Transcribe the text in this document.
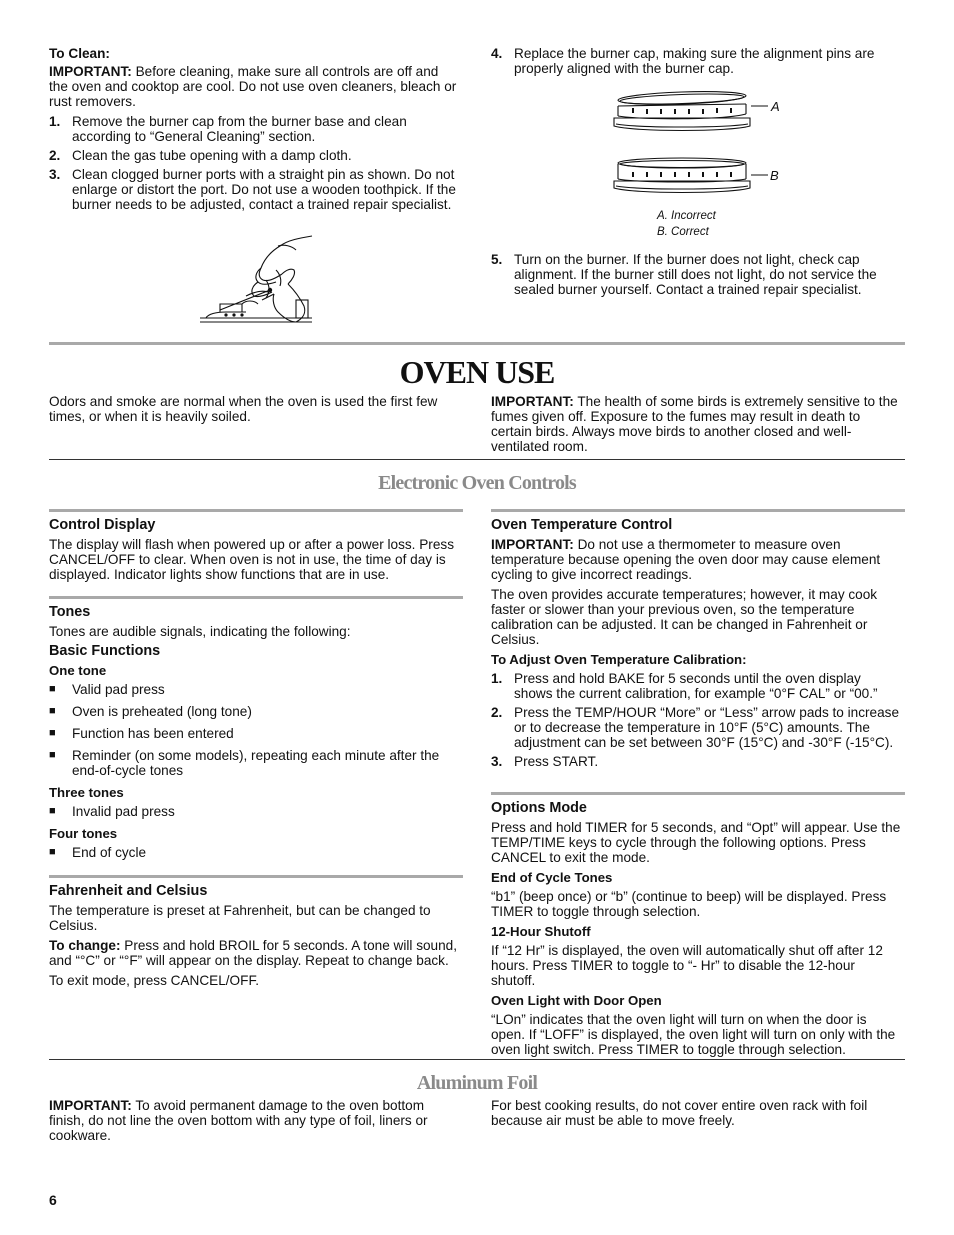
To Clean:

IMPORTANT: Before cleaning, make sure all controls are off and the oven and cooktop are cool. Do not use oven cleaners, bleach or rust removers.

1. Remove the burner cap from the burner base and clean according to “General Cleaning” section.
2. Clean the gas tube opening with a damp cloth.
3. Clean clogged burner ports with a straight pin as shown. Do not enlarge or distort the port. Do not use a wooden toothpick. If the burner needs to be adjusted, contact a trained repair specialist.
4. Replace the burner cap, making sure the alignment pins are properly aligned with the burner cap.
A
B
A. Incorrect
B. Correct
5. Turn on the burner. If the burner does not light, check cap alignment. If the burner still does not light, do not service the sealed burner yourself. Contact a trained repair specialist.
OVEN USE

Odors and smoke are normal when the oven is used the first few times, or when it is heavily soiled.

IMPORTANT: The health of some birds is extremely sensitive to the fumes given off. Exposure to the fumes may result in death to certain birds. Always move birds to another closed and well-ventilated room.

Electronic Oven Controls

Control Display

The display will flash when powered up or after a power loss. Press CANCEL/OFF to clear. When oven is not in use, the time of day is displayed. Indicator lights show functions that are in use.

Tones

Tones are audible signals, indicating the following:

Basic Functions

One tone

■	Valid pad press
■	Oven is preheated (long tone)
■	Function has been entered
■	Reminder (on some models), repeating each minute after the end-of-cycle tones

Three tones

■	Invalid pad press

Four tones

■	End of cycle

Fahrenheit and Celsius

The temperature is preset at Fahrenheit, but can be changed to Celsius.

To change: Press and hold BROIL for 5 seconds. A tone will sound, and “°C” or “°F” will appear on the display. Repeat to change back.

To exit mode, press CANCEL/OFF.

Oven Temperature Control

IMPORTANT: Do not use a thermometer to measure oven temperature because opening the oven door may cause element cycling to give incorrect readings.

The oven provides accurate temperatures; however, it may cook faster or slower than your previous oven, so the temperature calibration can be adjusted. It can be changed in Fahrenheit or Celsius.

To Adjust Oven Temperature Calibration:

1. Press and hold BAKE for 5 seconds until the oven display shows the current calibration, for example “0°F CAL” or “00.”
2. Press the TEMP/HOUR “More” or “Less” arrow pads to increase or to decrease the temperature in 10°F (5°C) amounts. The adjustment can be set between 30°F (15°C) and -30°F (-15°C).
3. Press START.

Options Mode

Press and hold TIMER for 5 seconds, and “Opt” will appear. Use the TEMP/TIME keys to cycle through the following options. Press CANCEL to exit the mode.

End of Cycle Tones

“b1” (beep once) or “b” (continue to beep) will be displayed. Press TIMER to toggle through selection.

12-Hour Shutoff

If “12 Hr” is displayed, the oven will automatically shut off after 12 hours. Press TIMER to toggle to “- Hr” to disable the 12-hour shutoff.

Oven Light with Door Open

“LOn” indicates that the oven light will turn on when the door is open. If “LOFF” is displayed, the oven light will turn on only with the oven light switch. Press TIMER to toggle through selection.

Aluminum Foil

IMPORTANT: To avoid permanent damage to the oven bottom finish, do not line the oven bottom with any type of foil, liners or cookware.

For best cooking results, do not cover entire oven rack with foil because air must be able to move freely.

6
